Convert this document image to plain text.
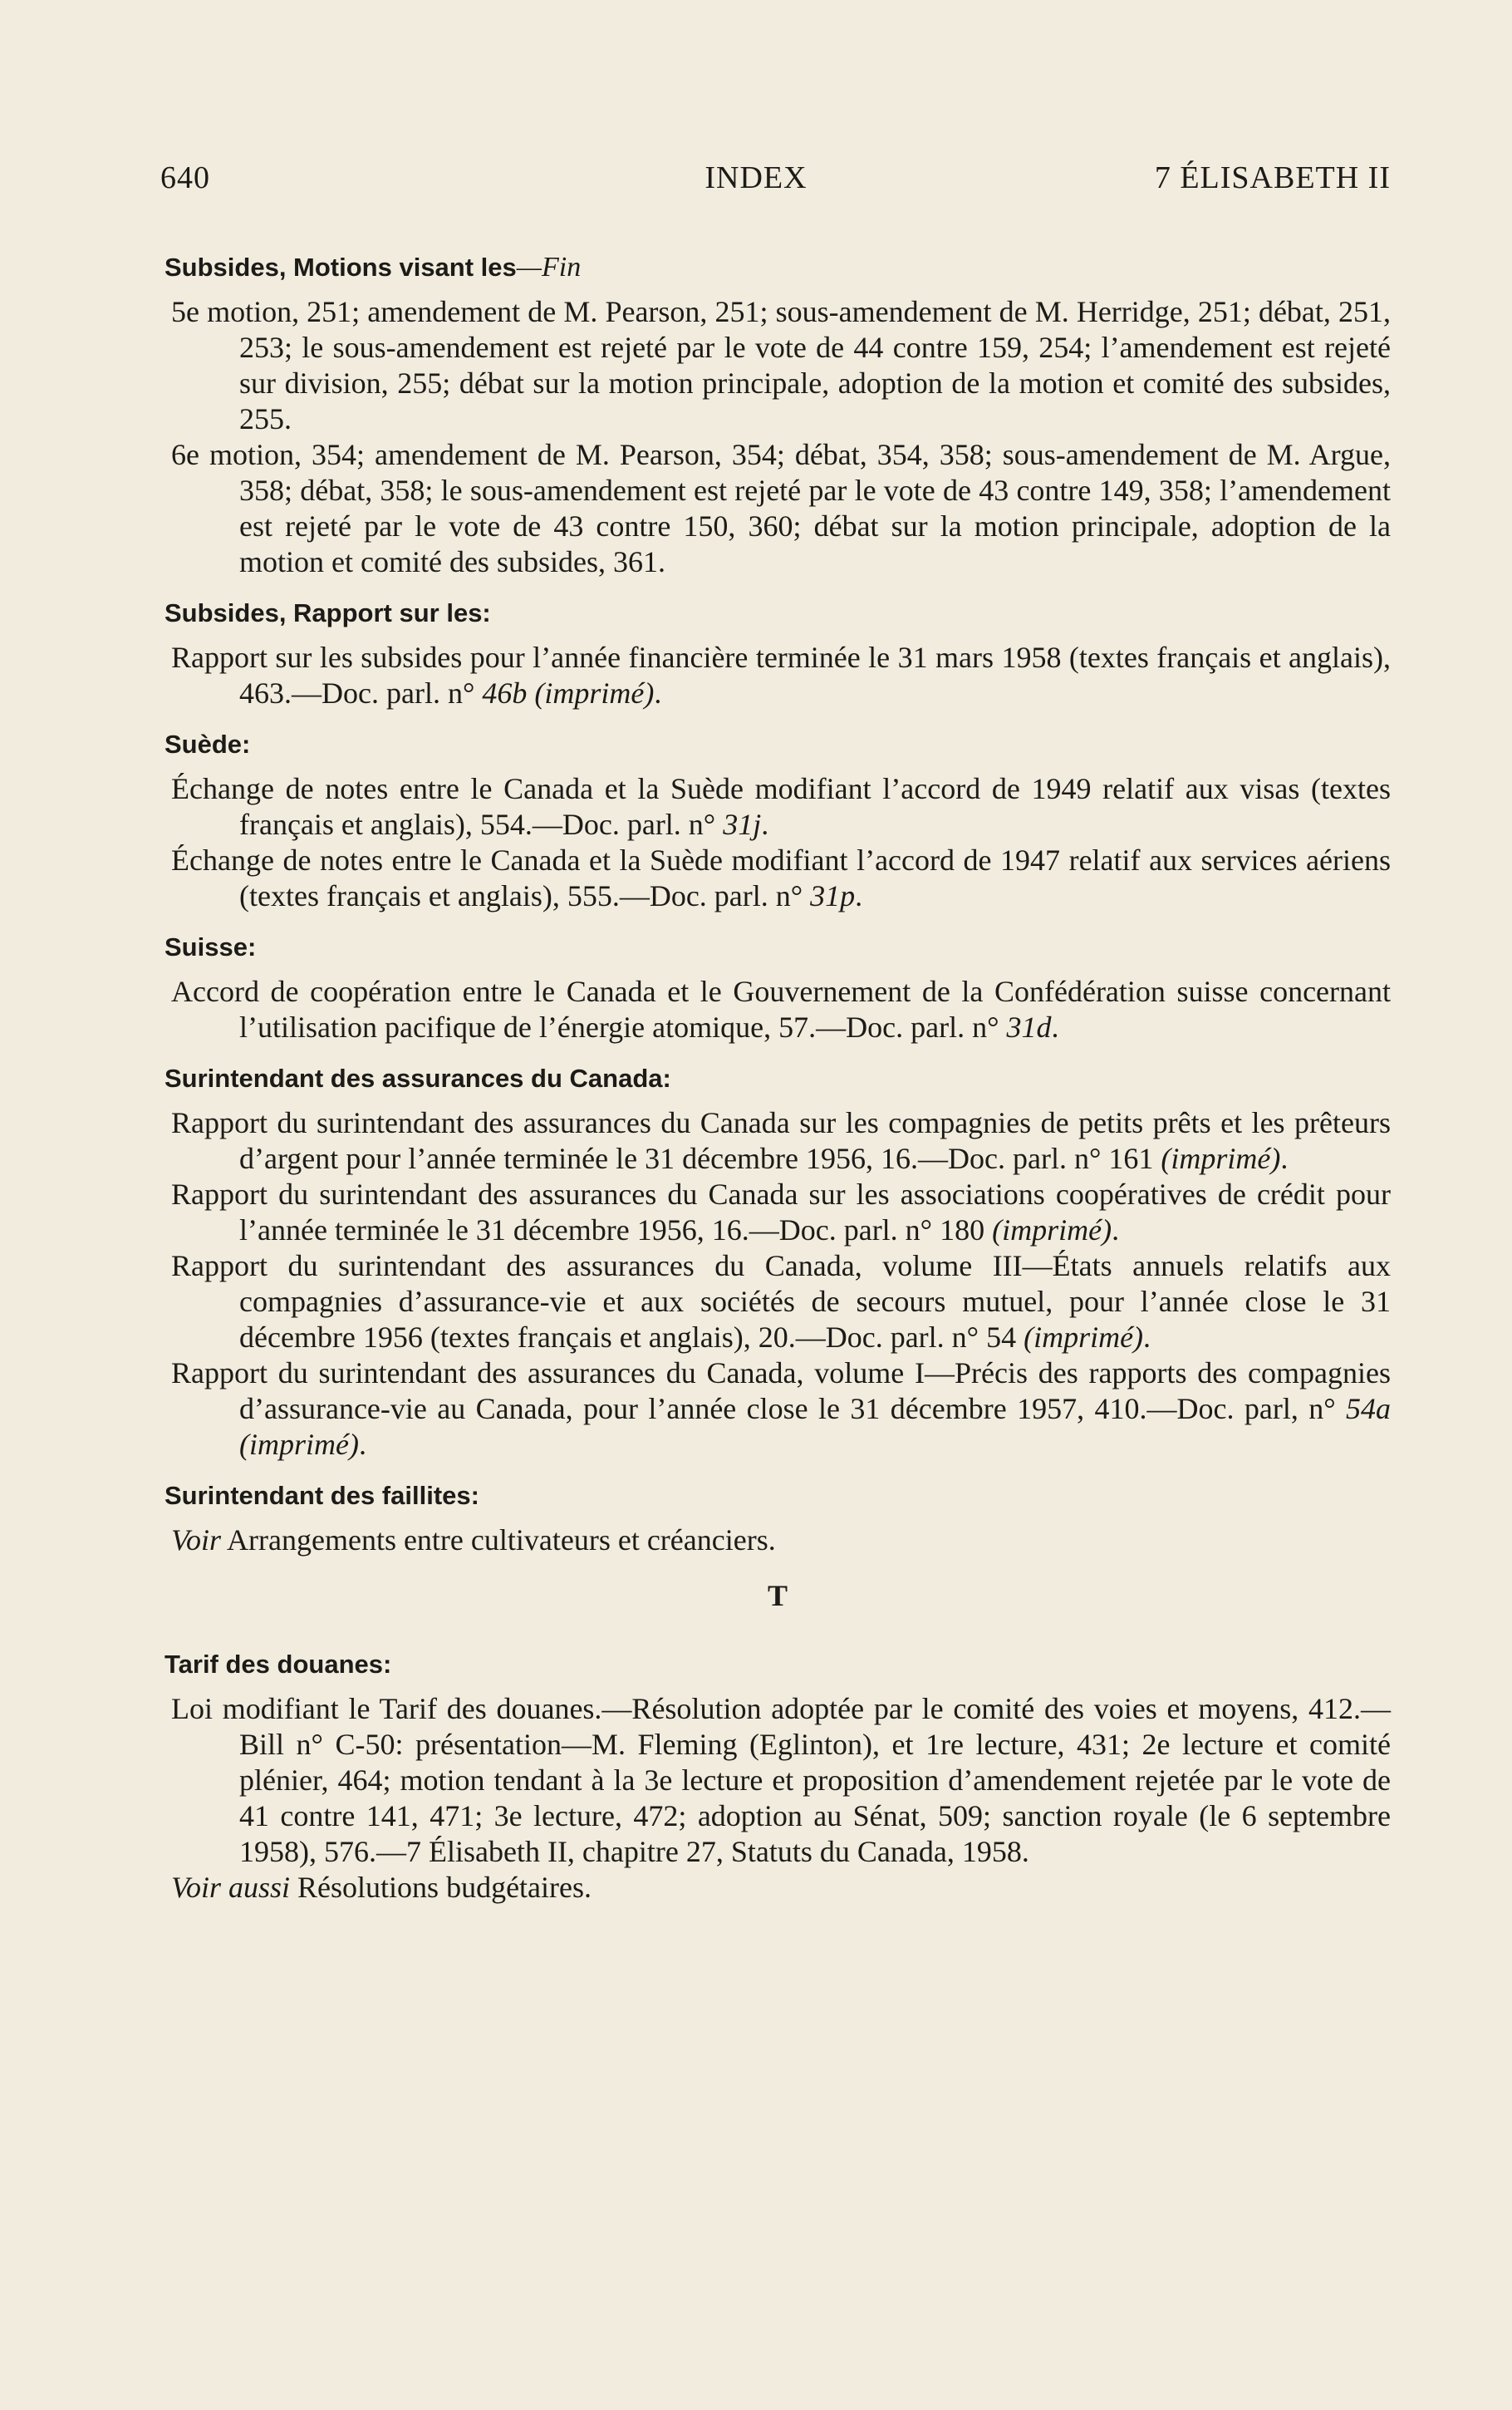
640	INDEX	7 ÉLISABETH II
Subsides, Motions visant les—Fin

5e motion, 251; amendement de M. Pearson, 251; sous-amendement de M. Herridge, 251; débat, 251, 253; le sous-amendement est rejeté par le vote de 44 contre 159, 254; l’amendement est rejeté sur division, 255; débat sur la motion principale, adoption de la motion et comité des subsides, 255.

6e motion, 354; amendement de M. Pearson, 354; débat, 354, 358; sous-amendement de M. Argue, 358; débat, 358; le sous-amendement est rejeté par le vote de 43 contre 149, 358; l’amendement est rejeté par le vote de 43 contre 150, 360; débat sur la motion principale, adoption de la motion et comité des subsides, 361.

Subsides, Rapport sur les:

Rapport sur les subsides pour l’année financière terminée le 31 mars 1958 (textes français et anglais), 463.—Doc. parl. n° 46b (imprimé).

Suède:

Échange de notes entre le Canada et la Suède modifiant l’accord de 1949 relatif aux visas (textes français et anglais), 554.—Doc. parl. n° 31j.

Échange de notes entre le Canada et la Suède modifiant l’accord de 1947 relatif aux services aériens (textes français et anglais), 555.—Doc. parl. n° 31p.

Suisse:

Accord de coopération entre le Canada et le Gouvernement de la Confédération suisse concernant l’utilisation pacifique de l’énergie atomique, 57.—Doc. parl. n° 31d.

Surintendant des assurances du Canada:

Rapport du surintendant des assurances du Canada sur les compagnies de petits prêts et les prêteurs d’argent pour l’année terminée le 31 décembre 1956, 16.—Doc. parl. n° 161 (imprimé).

Rapport du surintendant des assurances du Canada sur les associations coopératives de crédit pour l’année terminée le 31 décembre 1956, 16.—Doc. parl. n° 180 (imprimé).

Rapport du surintendant des assurances du Canada, volume III—États annuels relatifs aux compagnies d’assurance-vie et aux sociétés de secours mutuel, pour l’année close le 31 décembre 1956 (textes français et anglais), 20.—Doc. parl. n° 54 (imprimé).

Rapport du surintendant des assurances du Canada, volume I—Précis des rapports des compagnies d’assurance-vie au Canada, pour l’année close le 31 décembre 1957, 410.—Doc. parl, n° 54a (imprimé).

Surintendant des faillites:

Voir Arrangements entre cultivateurs et créanciers.

T
Tarif des douanes:

Loi modifiant le Tarif des douanes.—Résolution adoptée par le comité des voies et moyens, 412.—Bill n° C-50: présentation—M. Fleming (Eglinton), et 1re lecture, 431; 2e lecture et comité plénier, 464; motion tendant à la 3e lecture et proposition d’amendement rejetée par le vote de 41 contre 141, 471; 3e lecture, 472; adoption au Sénat, 509; sanction royale (le 6 septembre 1958), 576.—7 Élisabeth II, chapitre 27, Statuts du Canada, 1958.

Voir aussi Résolutions budgétaires.
